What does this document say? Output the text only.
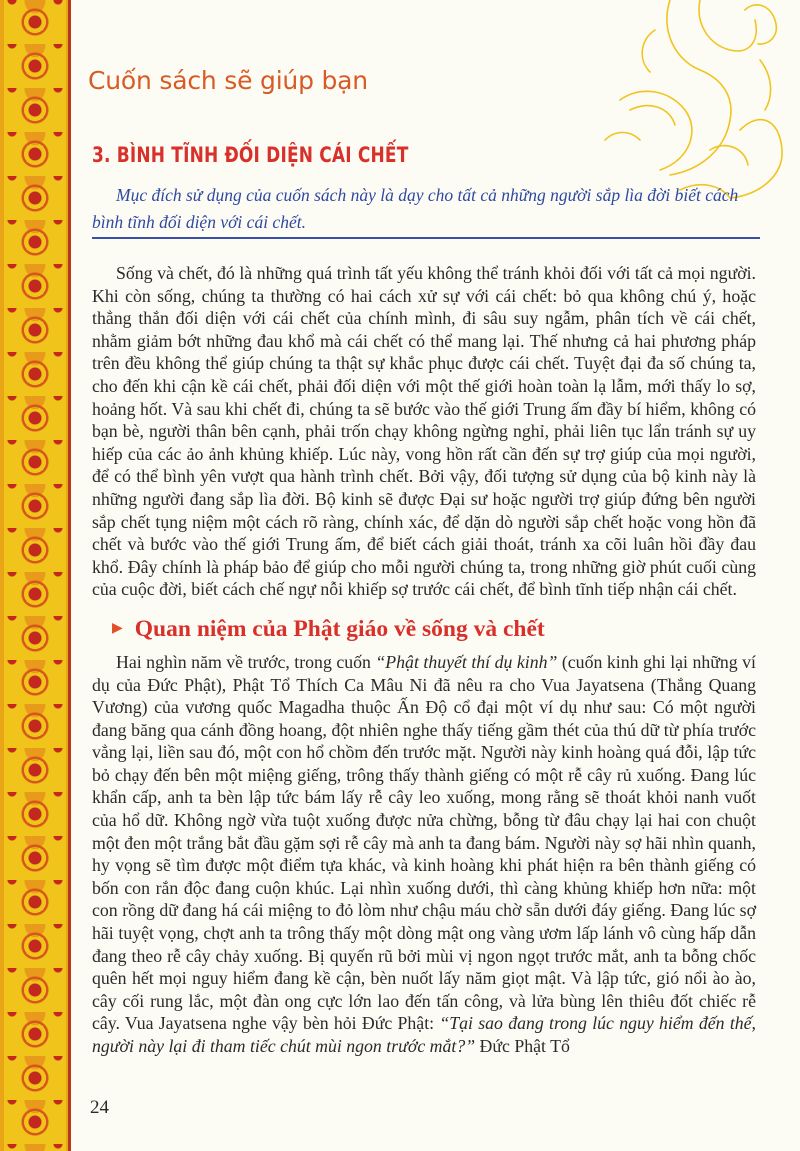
Cuốn sách sẽ giúp bạn
3. BÌNH TĨNH ĐỐI DIỆN CÁI CHẾT

Mục đích sử dụng của cuốn sách này là dạy cho tất cả những người sắp lìa đời biết cách bình tĩnh đối diện với cái chết.

Sống và chết, đó là những quá trình tất yếu không thể tránh khỏi đối với tất cả mọi người. Khi còn sống, chúng ta thường có hai cách xử sự với cái chết: bỏ qua không chú ý, hoặc thẳng thắn đối diện với cái chết của chính mình, đi sâu suy ngẫm, phân tích về cái chết, nhằm giảm bớt những đau khổ mà cái chết có thể mang lại. Thế nhưng cả hai phương pháp trên đều không thể giúp chúng ta thật sự khắc phục được cái chết. Tuyệt đại đa số chúng ta, cho đến khi cận kề cái chết, phải đối diện với một thế giới hoàn toàn lạ lẫm, mới thấy lo sợ, hoảng hốt. Và sau khi chết đi, chúng ta sẽ bước vào thế giới Trung ấm đầy bí hiểm, không có bạn bè, người thân bên cạnh, phải trốn chạy không ngừng nghỉ, phải liên tục lẩn tránh sự uy hiếp của các ảo ảnh khủng khiếp. Lúc này, vong hồn rất cần đến sự trợ giúp của mọi người, để có thể bình yên vượt qua hành trình chết. Bởi vậy, đối tượng sử dụng của bộ kinh này là những người đang sắp lìa đời. Bộ kinh sẽ được Đại sư hoặc người trợ giúp đứng bên người sắp chết tụng niệm một cách rõ ràng, chính xác, để dặn dò người sắp chết hoặc vong hồn đã chết và bước vào thế giới Trung ấm, để biết cách giải thoát, tránh xa cõi luân hồi đầy đau khổ. Đây chính là pháp bảo để giúp cho mỗi người chúng ta, trong những giờ phút cuối cùng của cuộc đời, biết cách chế ngự nỗi khiếp sợ trước cái chết, để bình tĩnh tiếp nhận cái chết.

▶ Quan niệm của Phật giáo về sống và chết

Hai nghìn năm về trước, trong cuốn “Phật thuyết thí dụ kinh” (cuốn kinh ghi lại những ví dụ của Đức Phật), Phật Tổ Thích Ca Mâu Ni đã nêu ra cho Vua Jayatsena (Thắng Quang Vương) của vương quốc Magadha thuộc Ấn Độ cổ đại một ví dụ như sau: Có một người đang băng qua cánh đồng hoang, đột nhiên nghe thấy tiếng gầm thét của thú dữ từ phía trước vẳng lại, liền sau đó, một con hổ chồm đến trước mặt. Người này kinh hoàng quá đỗi, lập tức bỏ chạy đến bên một miệng giếng, trông thấy thành giếng có một rễ cây rủ xuống. Đang lúc khẩn cấp, anh ta bèn lập tức bám lấy rễ cây leo xuống, mong rằng sẽ thoát khỏi nanh vuốt của hổ dữ. Không ngờ vừa tuột xuống được nửa chừng, bỗng từ đâu chạy lại hai con chuột một đen một trắng bắt đầu gặm sợi rễ cây mà anh ta đang bám. Người này sợ hãi nhìn quanh, hy vọng sẽ tìm được một điểm tựa khác, và kinh hoàng khi phát hiện ra bên thành giếng có bốn con rắn độc đang cuộn khúc. Lại nhìn xuống dưới, thì càng khủng khiếp hơn nữa: một con rồng dữ đang há cái miệng to đỏ lòm như chậu máu chờ sẵn dưới đáy giếng. Đang lúc sợ hãi tuyệt vọng, chợt anh ta trông thấy một dòng mật ong vàng ươm lấp lánh vô cùng hấp dẫn đang theo rễ cây chảy xuống. Bị quyến rũ bởi mùi vị ngon ngọt trước mắt, anh ta bỗng chốc quên hết mọi nguy hiểm đang kề cận, bèn nuốt lấy năm giọt mật. Và lập tức, gió nổi ào ào, cây cối rung lắc, một đàn ong cực lớn lao đến tấn công, và lửa bùng lên thiêu đốt chiếc rễ cây. Vua Jayatsena nghe vậy bèn hỏi Đức Phật: “Tại sao đang trong lúc nguy hiểm đến thế, người này lại đi tham tiếc chút mùi ngon trước mắt?” Đức Phật Tổ

24
